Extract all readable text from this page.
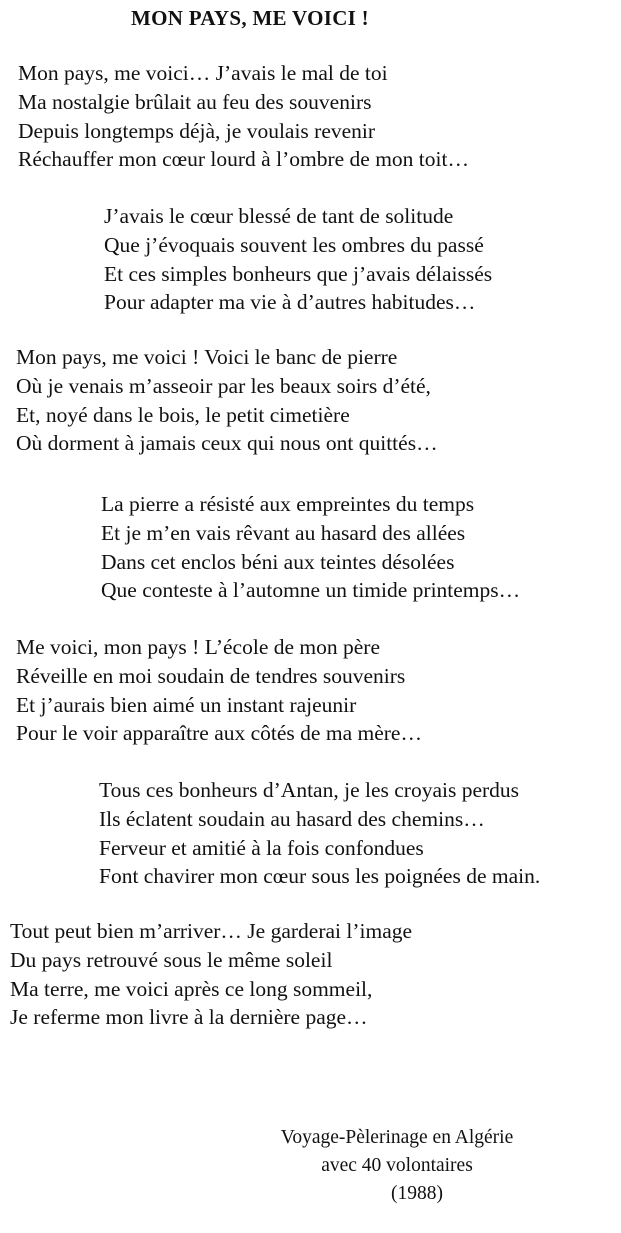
MON PAYS, ME VOICI !
Mon pays, me voici… J’avais le mal de toi
Ma nostalgie brûlait au feu des souvenirs
Depuis longtemps déjà, je voulais revenir
Réchauffer mon cœur lourd à l’ombre de mon toit…
J’avais le cœur blessé de tant de solitude
Que j’évoquais souvent les ombres du passé
Et ces simples bonheurs que j’avais délaissés
Pour adapter ma vie à d’autres habitudes…
Mon pays, me voici ! Voici le banc de pierre
Où je venais m’asseoir par les beaux soirs d’été,
Et, noyé dans le bois, le petit cimetière
Où dorment à jamais ceux qui nous ont quittés…
La pierre a résisté aux empreintes du temps
Et je m’en vais rêvant au hasard des allées
Dans cet enclos béni aux teintes désolées
Que conteste à l’automne un timide printemps…
Me voici, mon pays ! L’école de mon père
Réveille en moi soudain de tendres souvenirs
Et j’aurais bien aimé un instant rajeunir
Pour le voir apparaître aux côtés de ma mère…
Tous ces bonheurs d’Antan, je les croyais perdus
Ils éclatent soudain au hasard des chemins…
Ferveur et amitié à la fois confondues
Font chavirer mon cœur sous les poignées de main.
Tout peut bien m’arriver… Je garderai l’image
Du pays retrouvé sous le même soleil
Ma terre, me voici après ce long sommeil,
Je referme mon livre à la dernière page…
Voyage-Pèlerinage en Algérie
avec 40 volontaires
(1988)
